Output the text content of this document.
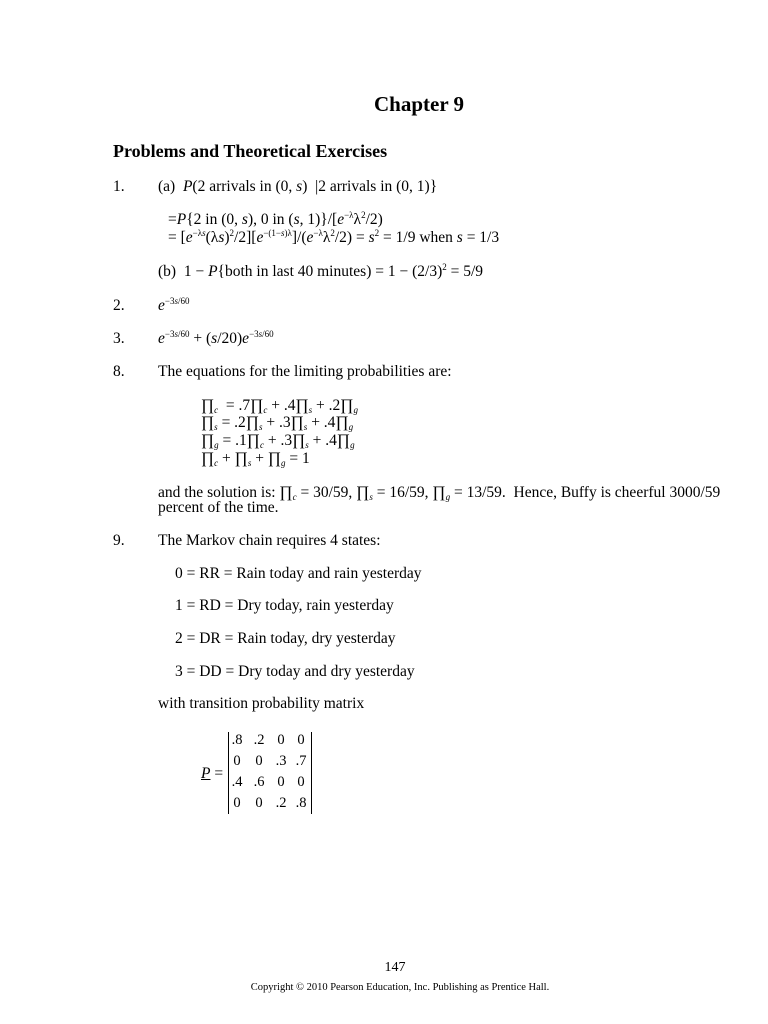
Chapter 9
Problems and Theoretical Exercises
1. (a) P(2 arrivals in (0, s)  |2 arrivals in (0, 1)}
=P{2 in (0, s), 0 in (s, $1)\}/[e^{-\lambda}\lambda^2/2)$
= $[e^{-\lambda s}(\lambda s)^2/2][e^{-(1-s)\lambda}]/(e^{-\lambda}\lambda^2/2) = s^2 = 1/9$ when s = 1/3
(b)  1 − P{both in last 40 minutes) = $1 - (2/3)^2 = 5/9$
2. $e^{-3s/60}$
3. $e^{-3s/60} + (s/20)e^{-3s/60}$
8. The equations for the limiting probabilities are:
$\prod_c$  = $.7\prod_c$ + $.4\prod_s$ + $.2\prod_g$
$\prod_s$ = $.2\prod_s$ + $.3\prod_s$ + $.4\prod_g$
$\prod_g$ = $.1\prod_c$ + $.3\prod_s$ + $.4\prod_g$
$\prod_c$ + $\prod_s$ + $\prod_g = 1$
and the solution is: $\prod_c = 30/59$, $\prod_s = 16/59$, $\prod_g = 13/59$.  Hence, Buffy is cheerful 3000/59
percent of the time.
9. The Markov chain requires 4 states:
0 = RR = Rain today and rain yesterday
1 = RD = Dry today, rain yesterday
2 = DR = Rain today, dry yesterday
3 = DD = Dry today and dry yesterday
with transition probability matrix
P =
.8 .2 0 0
0	0 .3 .7
.4 .6 0 0
0	0 .2 .8
147
Copyright © 2010 Pearson Education, Inc. Publishing as Prentice Hall.
